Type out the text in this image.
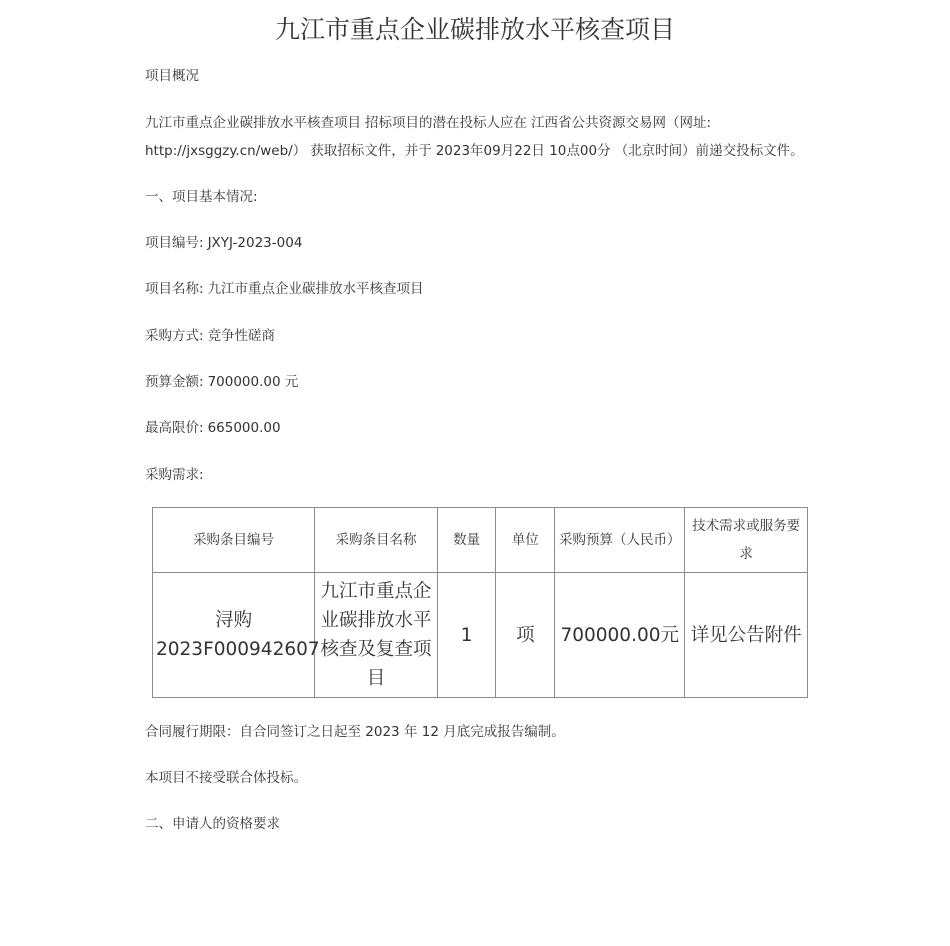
九江市重点企业碳排放水平核查项目
项目概况
九江市重点企业碳排放水平核查项目 招标项目的潜在投标人应在 江西省公共资源交易网（网址:
http://jxsggzy.cn/web/） 获取招标文件，并于 2023年09月22日 10点00分 （北京时间）前递交投标文件。
一、项目基本情况:
项目编号: JXYJ-2023-004
项目名称: 九江市重点企业碳排放水平核查项目
采购方式: 竞争性磋商
预算金额: 700000.00 元
最高限价: 665000.00
采购需求:
采购条目编号	采购条目名称	数量	单位	采购预算（人民币）	技术需求或服务要求
浔购2023F000942607	九江市重点企业碳排放水平核查及复查项目	1	项	700000.00元	详见公告附件
合同履行期限：自合同签订之日起至 2023 年 12 月底完成报告编制。
本项目不接受联合体投标。
二、申请人的资格要求
